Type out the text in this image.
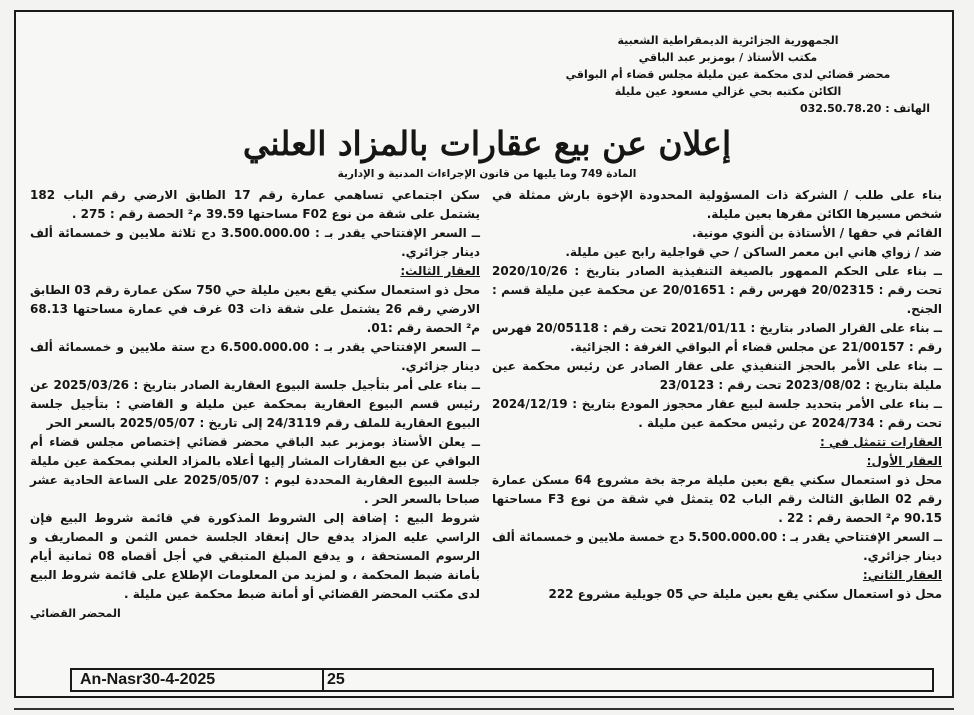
الجمهورية الجزائرية الديمقراطية الشعبية
مكتب الأستاذ / بومزبر عبد الباقي
محضر قضائي لدى محكمة عين مليلة مجلس قضاء أم البواقي
الكائن مكتبه بحي غزالي مسعود عين مليلة
الهاتف : 032.50.78.20
إعلان عن بيع عقارات بالمزاد العلني
المادة 749 وما يليها من قانون الإجراءات المدنية و الإدارية

بناء على طلب / الشركة ذات المسؤولية المحدودة الإخوة بارش ممثلة في شخص مسيرها الكائن مقرها بعين مليلة.

القائم في حقها / الأستاذة بن ألنوي مونية.

ضد / زواي هاني ابن معمر الساكن / حي قواجلية رابح عين مليلة.

ــ بناء على الحكم الممهور بالصيغة التنفيذية الصادر بتاريخ : 2020/10/26 تحت رقم : 20/02315 فهرس رقم : 20/01651 عن محكمة عين مليلة قسم : الجنح.

ــ بناء على القرار الصادر بتاريخ : 2021/01/11 تحت رقم : 20/05118 فهرس رقم : 21/00157 عن مجلس قضاء أم البواقي الغرفة : الجزائية.

ــ بناء على الأمر بالحجز التنفيذي على عقار الصادر عن رئيس محكمة عين مليلة بتاريخ : 2023/08/02 تحت رقم : 23/0123

ــ بناء على الأمر بتحديد جلسة لبيع عقار محجوز المودع بتاريخ : 2024/12/19 تحت رقم : 2024/734 عن رئيس محكمة عين مليلة .

العقارات تتمثل في :

العقار الأول:

محل ذو استعمال سكني يقع بعين مليلة مرجة بخة مشروع 64 مسكن عمارة رقم 02 الطابق الثالث رقم الباب 02 يتمثل في شقة من نوع F3 مساحتها 90.15 م² الحصة رقم : 22 .

ــ السعر الإفتتاحي يقدر بـ : 5.500.000.00 دج خمسة ملايين و خمسمائة ألف دينار جزائري.

العقار الثاني:

محل ذو استعمال سكني يقع بعين مليلة حي 05 جويلية مشروع 222

سكن اجتماعي تساهمي عمارة رقم 17 الطابق الارضي رقم الباب 182 يشتمل على شقة من نوع F02 مساحتها 39.59 م² الحصة رقم : 275 .

ــ السعر الإفتتاحي يقدر بـ : 3.500.000.00 دج ثلاثة ملايين و خمسمائة ألف دينار جزائري.

العقار الثالث:

محل ذو استعمال سكني يقع بعين مليلة حي 750 سكن عمارة رقم 03 الطابق الارضي رقم 26 يشتمل على شقة ذات 03 غرف في عمارة مساحتها 68.13 م² الحصة رقم :01.

ــ السعر الإفتتاحي يقدر بـ : 6.500.000.00 دج ستة ملايين و خمسمائة ألف دينار جزائري.

ــ بناء على أمر بتأجيل جلسة البيوع العقارية الصادر بتاريخ : 2025/03/26 عن رئيس قسم البيوع العقارية بمحكمة عين مليلة و القاضي : بتأجيل جلسة البيوع العقارية للملف رقم 24/3119 إلى تاريخ : 2025/05/07 بالسعر الحر

ــ يعلن الأستاذ بومزبر عبد الباقي محضر قضائي إختصاص مجلس قضاء أم البواقي عن بيع العقارات المشار إليها أعلاه بالمزاد العلني بمحكمة عين مليلة جلسة البيوع العقارية المحددة ليوم : 2025/05/07 على الساعة الحادية عشر صباحا بالسعر الحر .

شروط البيع : إضافة إلى الشروط المذكورة في قائمة شروط البيع فإن الراسي عليه المزاد يدفع حال إنعقاد الجلسة خمس الثمن و المصاريف و الرسوم المستحقة ، و يدفع المبلغ المتبقي في أجل أقصاه 08 ثمانية أيام بأمانة ضبط المحكمة ، و لمزيد من المعلومات الإطلاع على قائمة شروط البيع لدى مكتب المحضر القضائي أو أمانة ضبط محكمة عين مليلة .

المحضر القضائي

An-Nasr30-4-2025	25
